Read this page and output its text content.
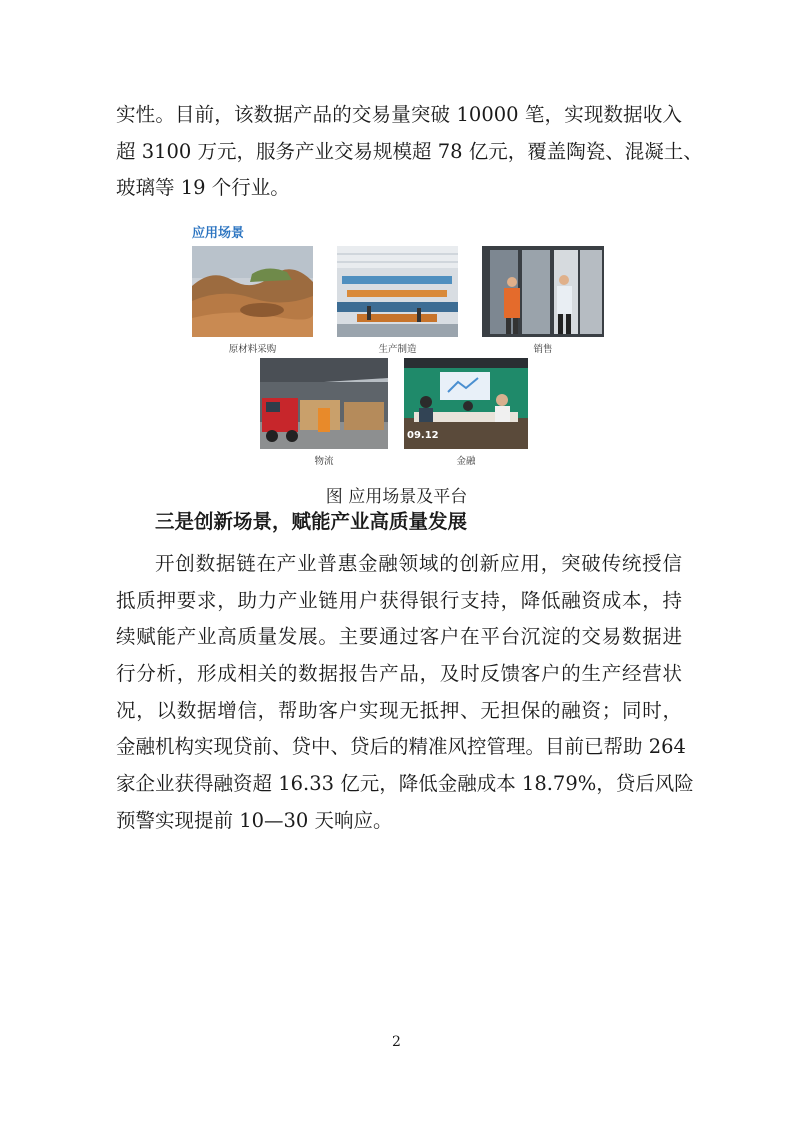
实性。目前，该数据产品的交易量突破 10000 笔，实现数据收入
超 3100 万元，服务产业交易规模超 78 亿元，覆盖陶瓷、混凝土、
玻璃等 19 个行业。
应用场景
原材料采购	生产制造	销售
物流
09.12
金融
图 应用场景及平台
三是创新场景，赋能产业高质量发展
开创数据链在产业普惠金融领域的创新应用，突破传统授信
抵质押要求，助力产业链用户获得银行支持，降低融资成本，持
续赋能产业高质量发展。主要通过客户在平台沉淀的交易数据进
行分析，形成相关的数据报告产品，及时反馈客户的生产经营状
况，以数据增信，帮助客户实现无抵押、无担保的融资；同时，
金融机构实现贷前、贷中、贷后的精准风控管理。目前已帮助 264
家企业获得融资超 16.33 亿元，降低金融成本 18.79%，贷后风险
预警实现提前 10—30 天响应。
2
